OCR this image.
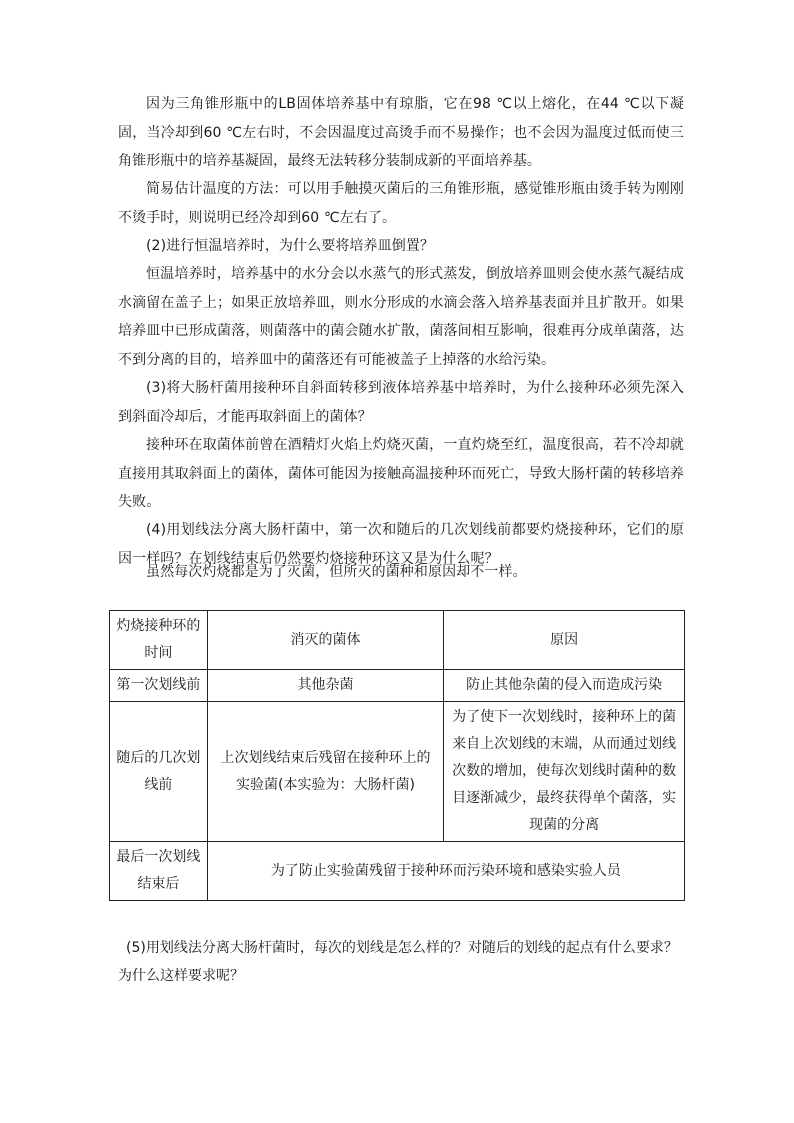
因为三角锥形瓶中的LB固体培养基中有琼脂，它在98 ℃以上熔化，在44 ℃以下凝固，当冷却到60 ℃左右时，不会因温度过高烫手而不易操作；也不会因为温度过低而使三角锥形瓶中的培养基凝固，最终无法转移分装制成新的平面培养基。

简易估计温度的方法：可以用手触摸灭菌后的三角锥形瓶，感觉锥形瓶由烫手转为刚刚不烫手时，则说明已经冷却到60 ℃左右了。

(2)进行恒温培养时，为什么要将培养皿倒置？

恒温培养时，培养基中的水分会以水蒸气的形式蒸发，倒放培养皿则会使水蒸气凝结成水滴留在盖子上；如果正放培养皿，则水分形成的水滴会落入培养基表面并且扩散开。如果培养皿中已形成菌落，则菌落中的菌会随水扩散，菌落间相互影响，很难再分成单菌落，达不到分离的目的，培养皿中的菌落还有可能被盖子上掉落的水给污染。

(3)将大肠杆菌用接种环自斜面转移到液体培养基中培养时，为什么接种环必须先深入到斜面冷却后，才能再取斜面上的菌体？

接种环在取菌体前曾在酒精灯火焰上灼烧灭菌，一直灼烧至红，温度很高，若不冷却就直接用其取斜面上的菌体，菌体可能因为接触高温接种环而死亡，导致大肠杆菌的转移培养失败。

(4)用划线法分离大肠杆菌中，第一次和随后的几次划线前都要灼烧接种环，它们的原因一样吗？在划线结束后仍然要灼烧接种环这又是为什么呢？

虽然每次灼烧都是为了灭菌，但所灭的菌种和原因却不一样。

灼烧接种环的时间	消灭的菌体	原因
第一次划线前	其他杂菌	防止其他杂菌的侵入而造成污染
随后的几次划线前	上次划线结束后残留在接种环上的实验菌(本实验为：大肠杆菌)	为了使下一次划线时，接种环上的菌来自上次划线的末端，从而通过划线次数的增加，使每次划线时菌种的数目逐渐减少，最终获得单个菌落，实现菌的分离
最后一次划线结束后	为了防止实验菌残留于接种环而污染环境和感染实验人员	

(5)用划线法分离大肠杆菌时，每次的划线是怎么样的？对随后的划线的起点有什么要求？为什么这样要求呢？
